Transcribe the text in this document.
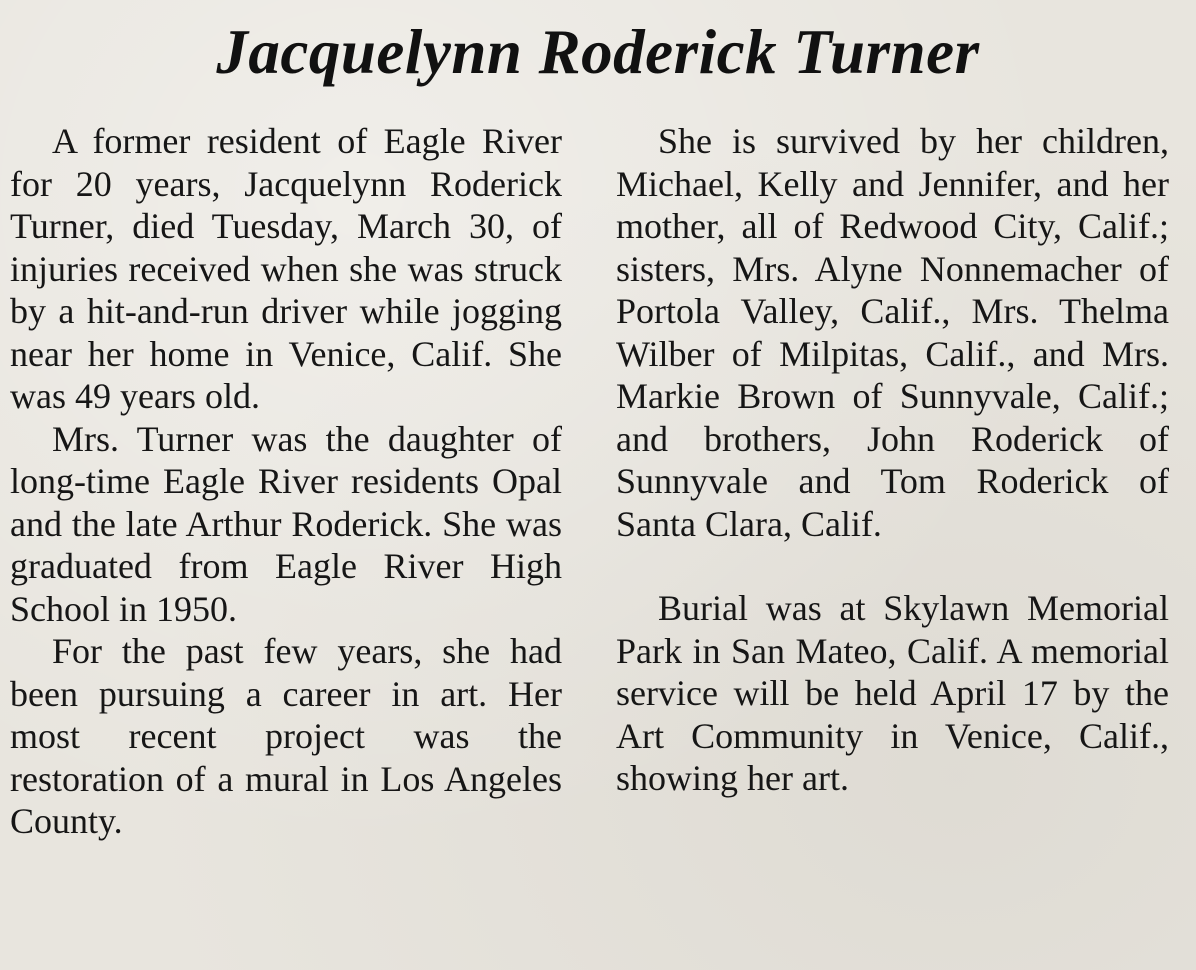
Jacquelynn Roderick Turner

A former resident of Eagle River for 20 years, Jacquelynn Roderick Turner, died Tuesday, March 30, of injuries received when she was struck by a hit-and-run driver while jogging near her home in Venice, Calif. She was 49 years old.

Mrs. Turner was the daughter of long-time Eagle River residents Opal and the late Arthur Roderick. She was graduated from Eagle River High School in 1950.

For the past few years, she had been pursuing a career in art. Her most recent project was the restoration of a mural in Los Angeles County.

She is survived by her children, Michael, Kelly and Jennifer, and her mother, all of Redwood City, Calif.; sisters, Mrs. Alyne Nonnemacher of Portola Valley, Calif., Mrs. Thelma Wilber of Milpitas, Calif., and Mrs. Markie Brown of Sunnyvale, Calif.; and brothers, John Roderick of Sunnyvale and Tom Roderick of Santa Clara, Calif.

Burial was at Skylawn Memorial Park in San Mateo, Calif. A memorial service will be held April 17 by the Art Community in Venice, Calif., showing her art.
